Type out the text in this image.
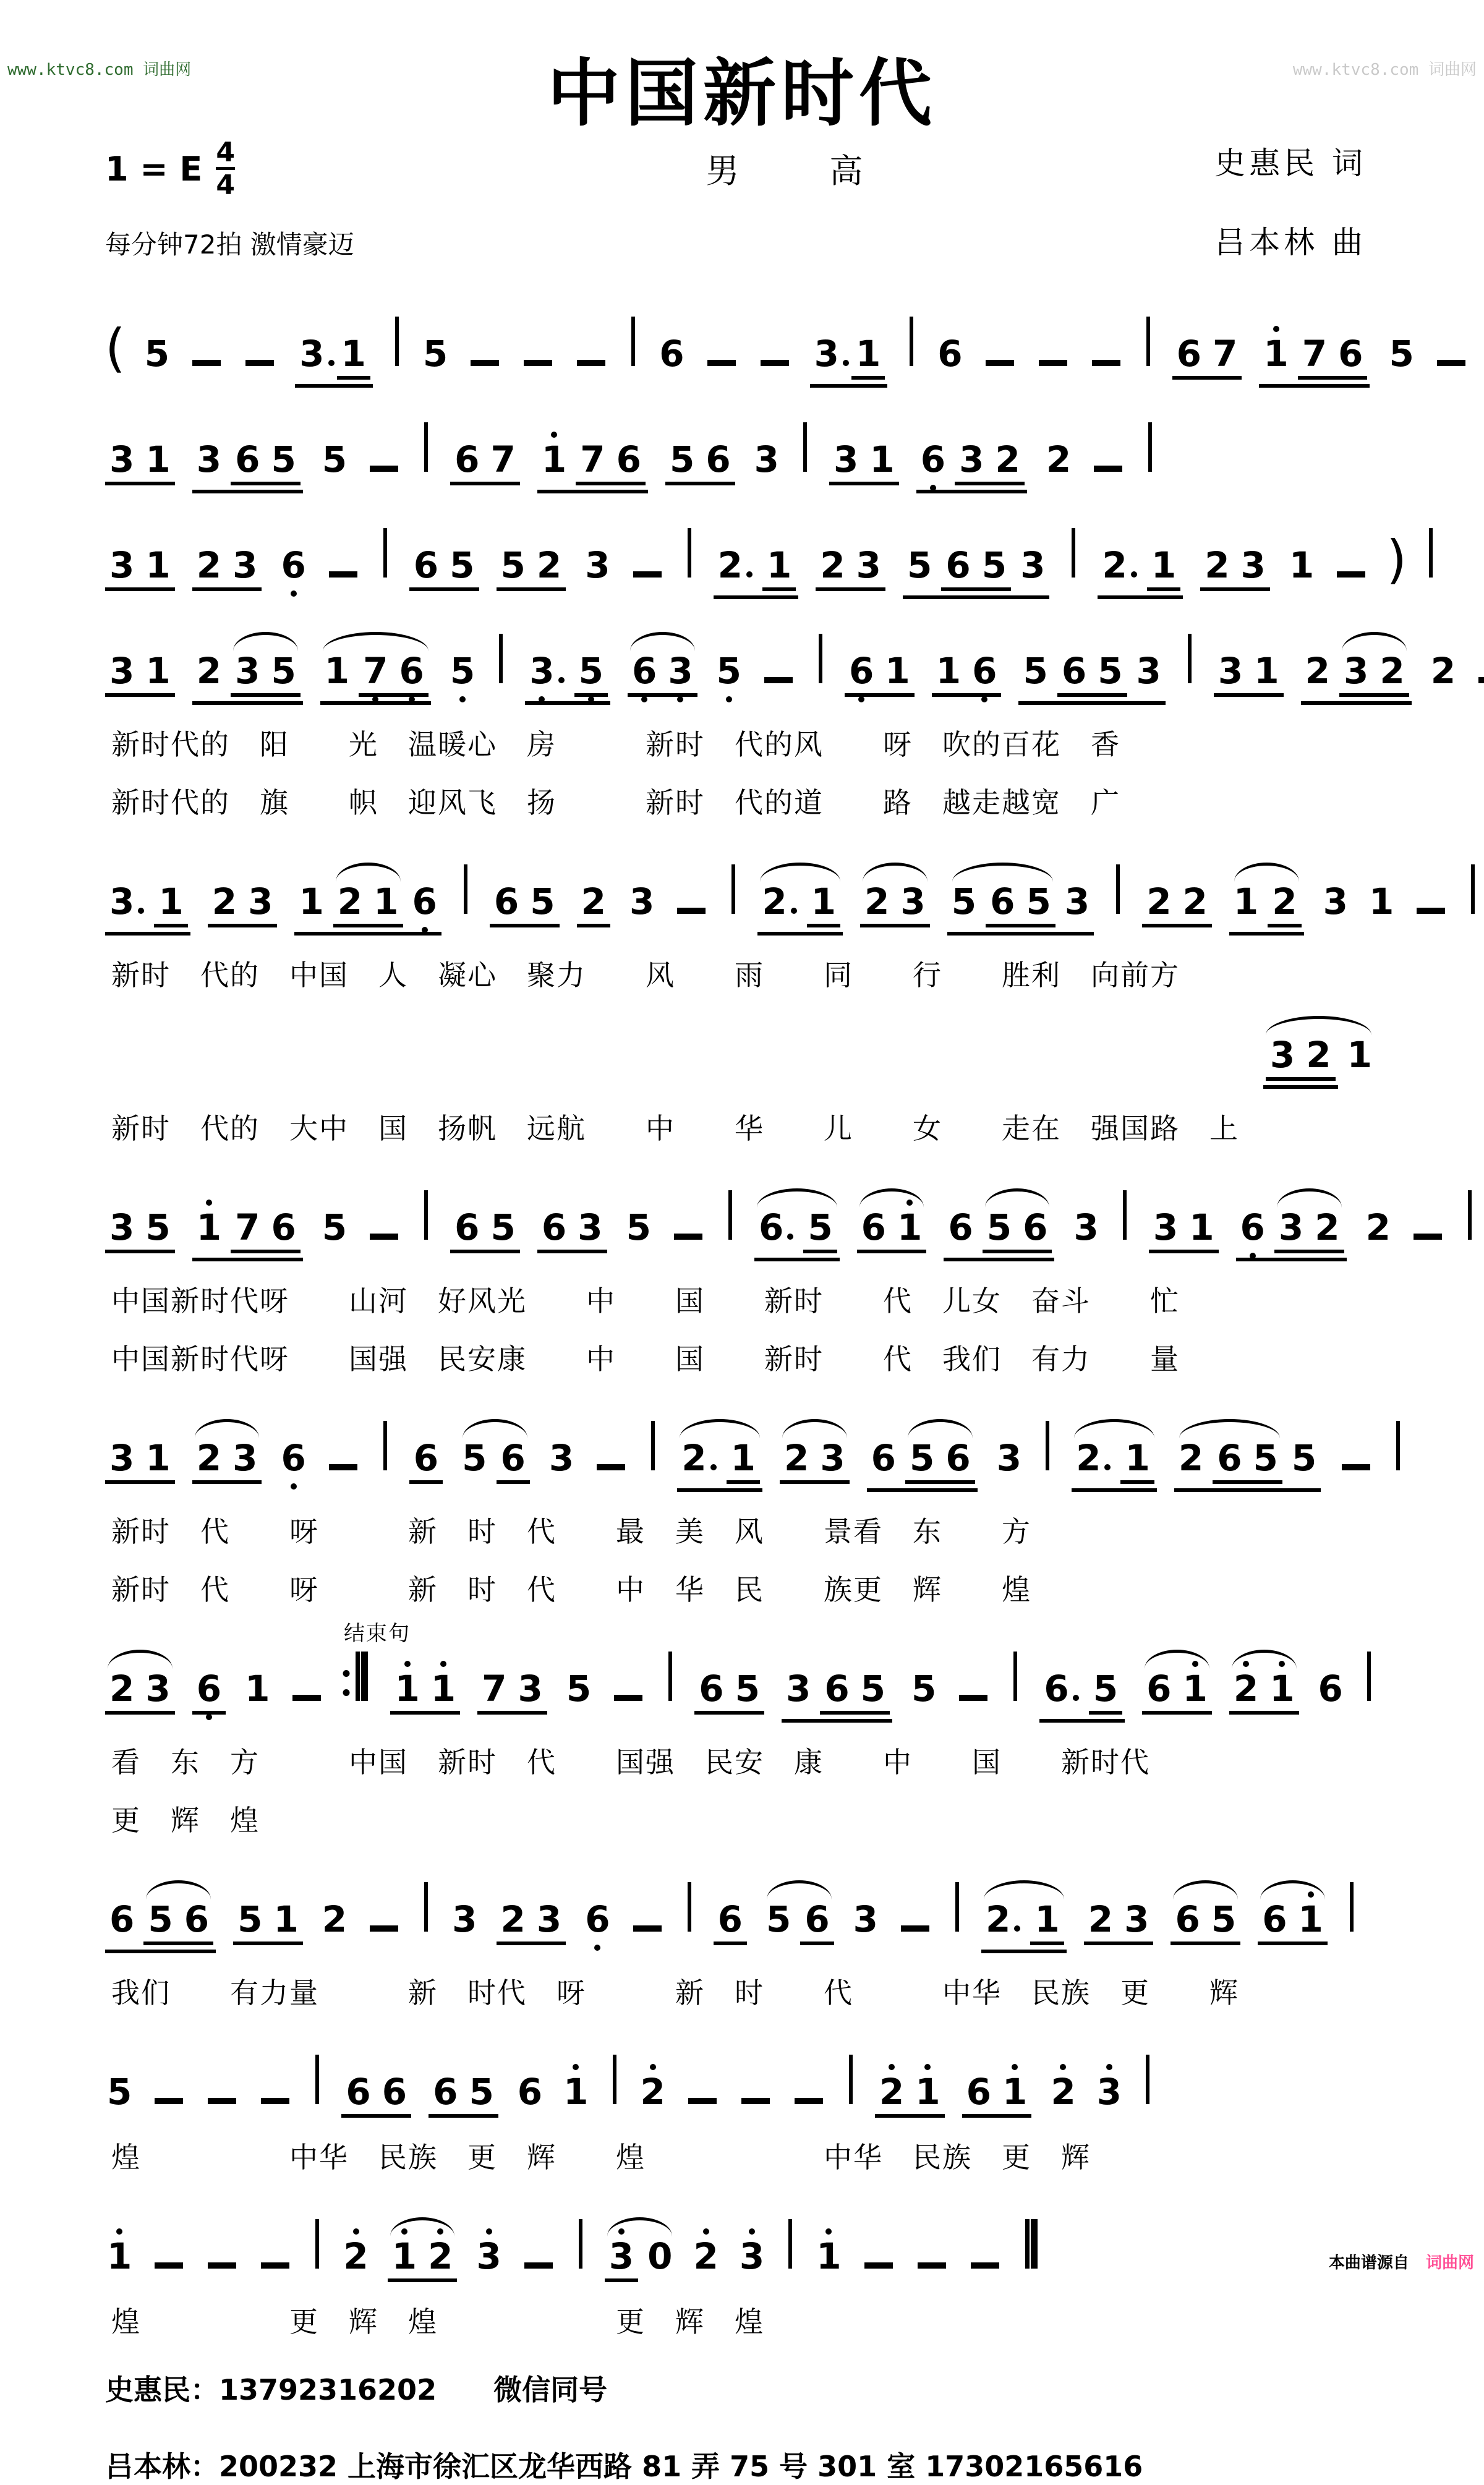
www.ktvc8.com 词曲网	www.ktvc8.com 词曲网
中国新时代
1 = E $\frac{4}{4}$
每分钟72拍 激情豪迈
男　高	史惠民 词
吕本林 曲
( 5	3 1 5	6	3 1 6	6 7 1 7 6 5
3 1 3 6 5 5	6 7 1 7 6 5 6 3 3 1 6 3 2 2
3 1 2 3 6	6 5 5 2 3	2 1 2 3 5 6 5 3 2 1 2 3 1 )
3 1 2 3 5 1 7 6 5 3 5 6 3 5	6 1 1 6 5 6 5 3 3 1 2 3 2 2
新时代的　阳　　光　温暖心　房　　　新时　代的风　　呀　吹的百花　香
新时代的　旗　　帜　迎风飞　扬　　　新时　代的道　　路　越走越宽　广
3 1 2 3 1 2 1 6 6 5 2 3	2 1 2 3 5 6 5 3 2 2 1 2 3 1
新时　代的　中国　人　凝心　聚力　　风　　雨　　同　　行　　胜利　向前方
3 2 1
新时　代的　大中　国　扬帆　远航　　中　　华　　儿　　女　　走在　强国路　上
3 5 1 7 6 5	6 5 6 3 5	6 5 6 1 6 5 6 3 3 1 6 3 2 2
中国新时代呀　　山河　好风光　　中　　国　　新时　　代　儿女　奋斗　　忙
中国新时代呀　　国强　民安康　　中　　国　　新时　　代　我们　有力　　量
3 1 2 3 6	6 5 6 3	2 1 2 3 6 5 6 3 2 1 2 6 5 5
新时　代　　呀　　　新　时　代　　最　美　风　　景看　东　　方
新时　代　　呀　　　新　时　代　　中　华　民　　族更　辉　　煌
结束句
2 3 6 1	1 1 7 3 5	6 5 3 6 5 5	6 5 6 1 2 1 6
看　东　方　　　中国　新时　代　　国强　民安　康　　中　　国　　新时代
更　辉　煌
6 5 6 5 1 2	3 2 3 6	6 5 6 3	2 1 2 3 6 5 6 1
我们　　有力量　　　新　时代　呀　　　新　时　　代　　　中华　民族　更　　辉
5	6 6 6 5 6 1 2	2 1 6 1 2 3
煌　　　　　中华　民族　更　辉　　煌　　　　　　中华　民族　更　辉
1	2 1 2 3	3 0 2 3 1
煌　　　　　更　辉　煌　　　　　　更　辉　煌
史惠民：13792316202　　微信同号
吕本林：200232 上海市徐汇区龙华西路 81 弄 75 号 301 室 17302165616
本曲谱源自 词曲网
